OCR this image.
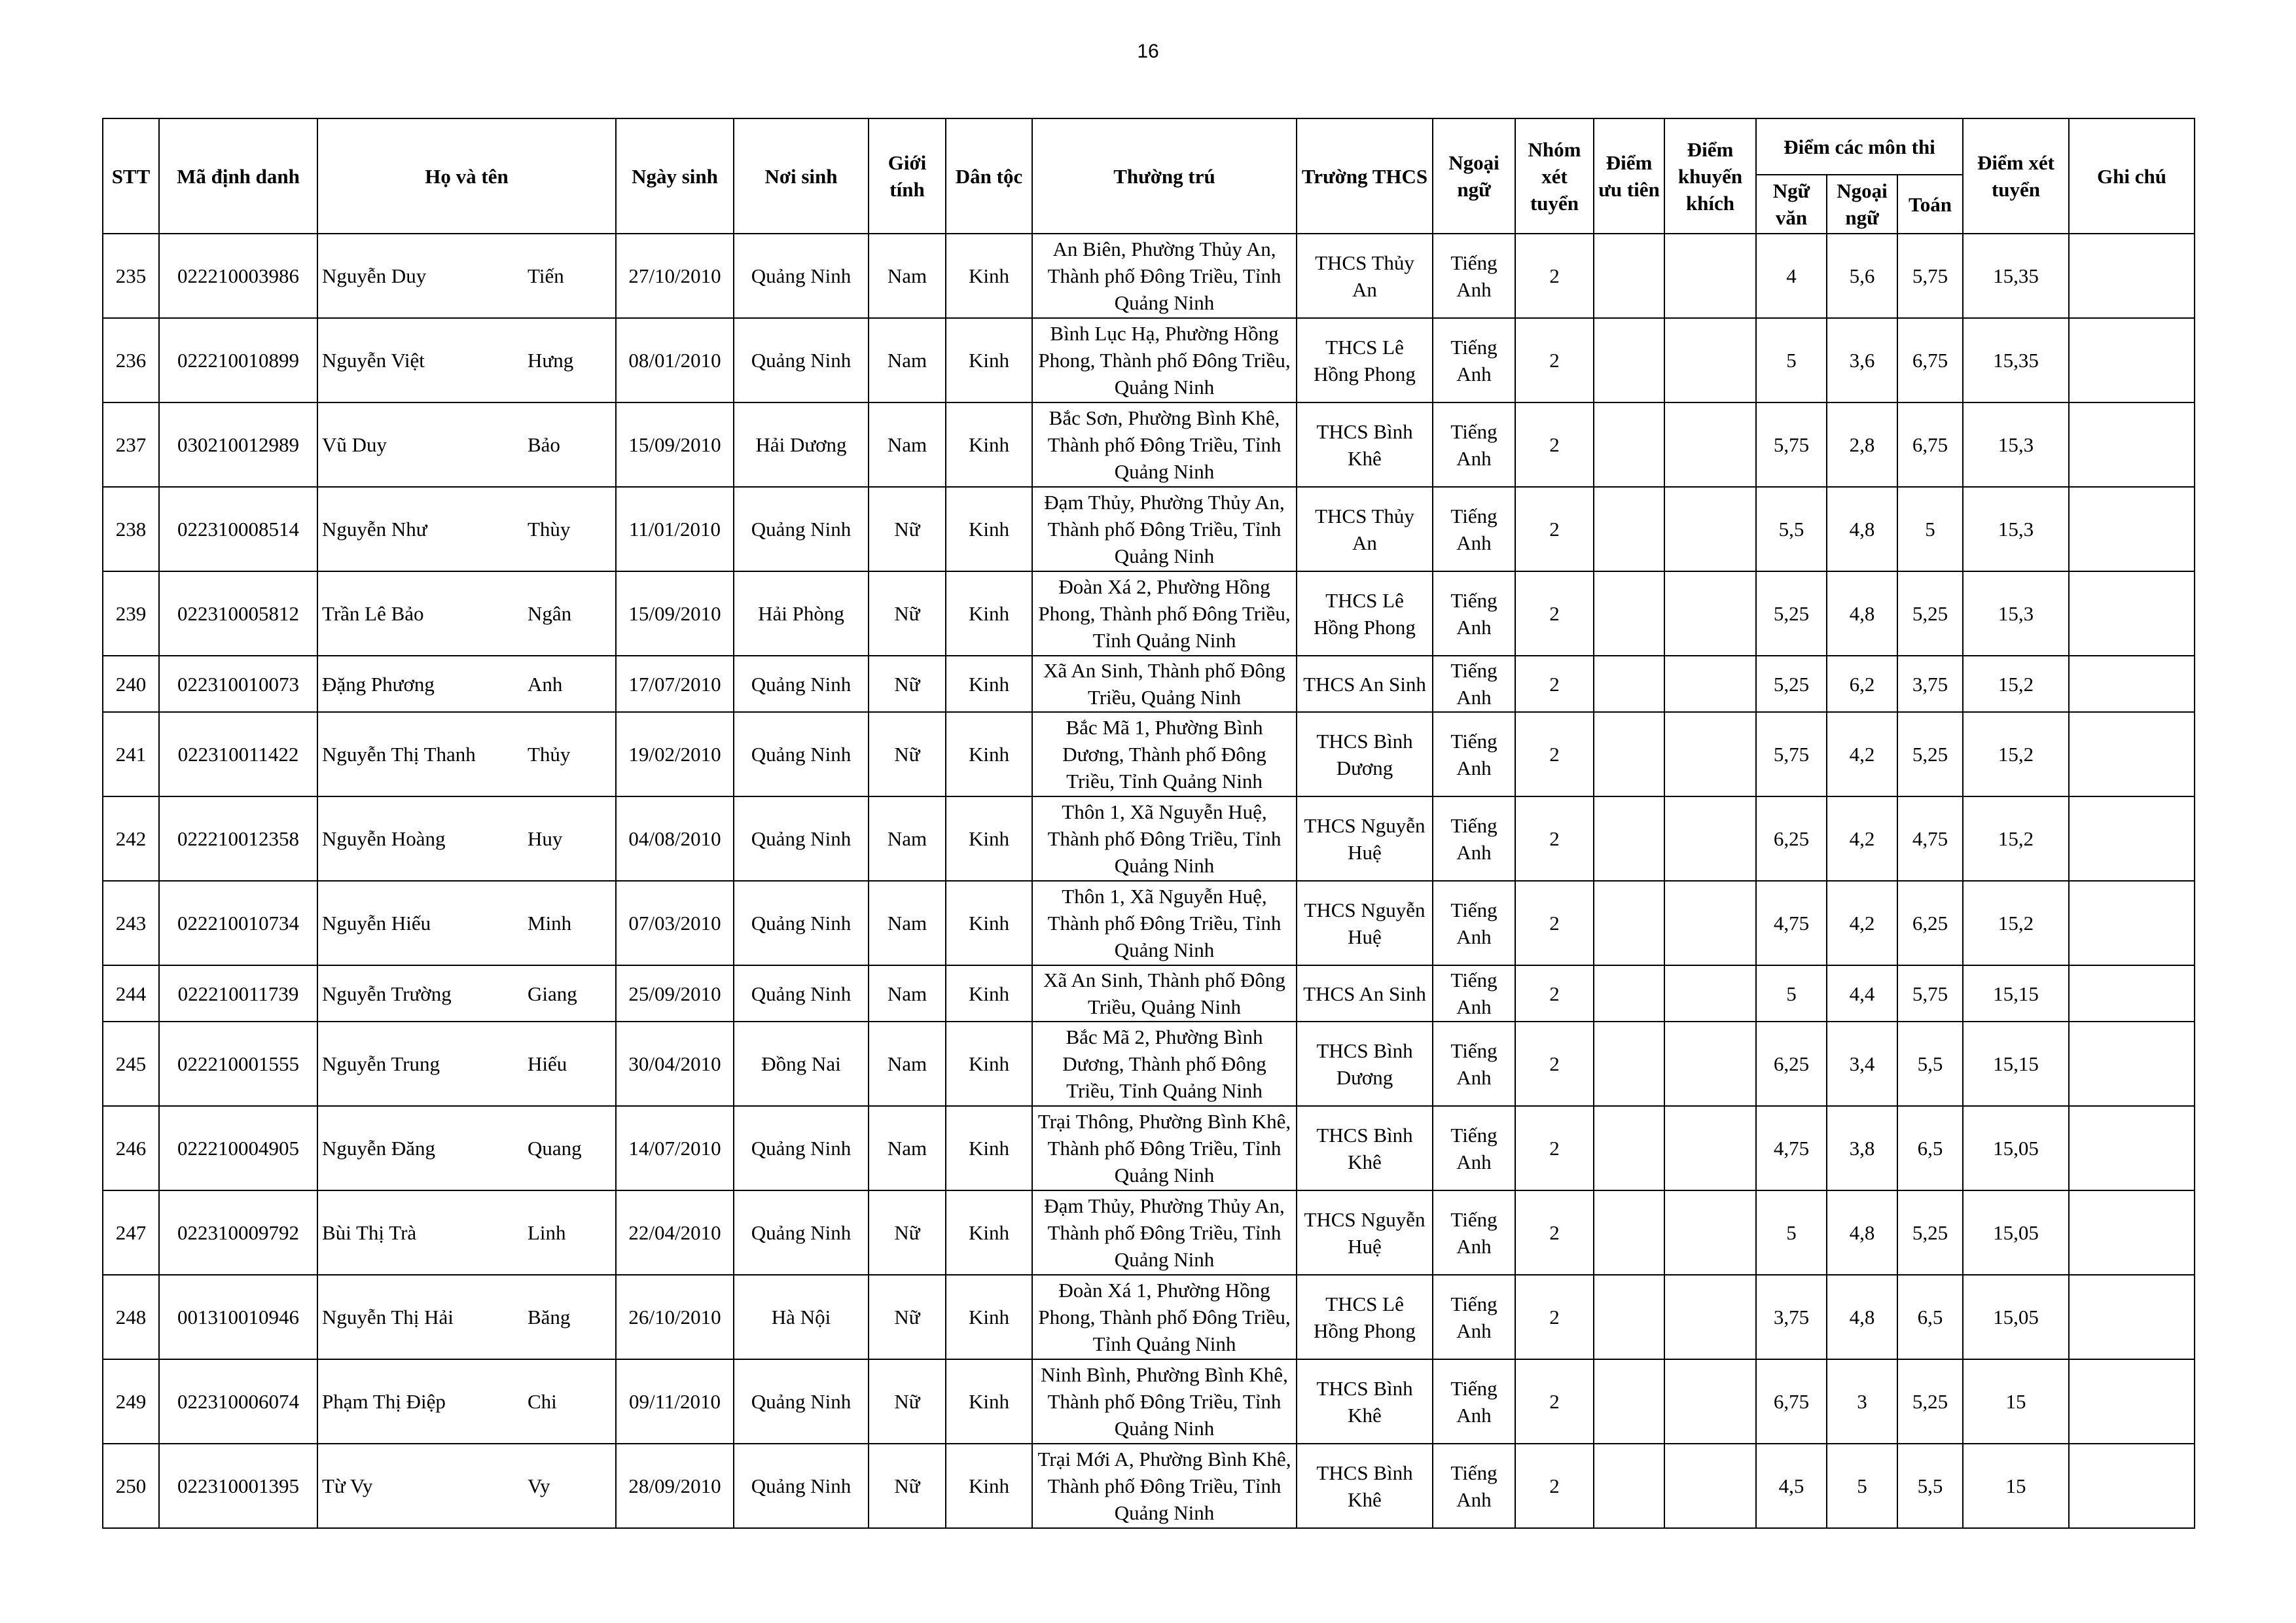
16
STT	Mã định danh	Họ và tên	Ngày sinh	Nơi sinh	Giới tính	Dân tộc	Thường trú	Trường THCS	Ngoại ngữ	Nhóm xét tuyển	Điểm ưu tiên	Điểm khuyến khích	Điểm các môn thi			Điểm xét tuyển	Ghi chú
													Ngữ văn	Ngoại ngữ	Toán		
235	022210003986	Nguyễn Duy Tiến	27/10/2010	Quảng Ninh	Nam	Kinh	An Biên, Phường Thủy An, Thành phố Đông Triều, Tỉnh Quảng Ninh	THCS Thủy An	Tiếng Anh	2			4	5,6	5,75	15,35	
236	022210010899	Nguyễn Việt Hưng	08/01/2010	Quảng Ninh	Nam	Kinh	Bình Lục Hạ, Phường Hồng Phong, Thành phố Đông Triều, Quảng Ninh	THCS Lê Hồng Phong	Tiếng Anh	2			5	3,6	6,75	15,35	
237	030210012989	Vũ Duy Bảo	15/09/2010	Hải Dương	Nam	Kinh	Bắc Sơn, Phường Bình Khê, Thành phố Đông Triều, Tỉnh Quảng Ninh	THCS Bình Khê	Tiếng Anh	2			5,75	2,8	6,75	15,3	
238	022310008514	Nguyễn Như Thùy	11/01/2010	Quảng Ninh	Nữ	Kinh	Đạm Thủy, Phường Thủy An, Thành phố Đông Triều, Tỉnh Quảng Ninh	THCS Thủy An	Tiếng Anh	2			5,5	4,8	5	15,3	
239	022310005812	Trần Lê Bảo Ngân	15/09/2010	Hải Phòng	Nữ	Kinh	Đoàn Xá 2, Phường Hồng Phong, Thành phố Đông Triều, Tỉnh Quảng Ninh	THCS Lê Hồng Phong	Tiếng Anh	2			5,25	4,8	5,25	15,3	
240	022310010073	Đặng Phương Anh	17/07/2010	Quảng Ninh	Nữ	Kinh	Xã An Sinh, Thành phố Đông Triều, Quảng Ninh	THCS An Sinh	Tiếng Anh	2			5,25	6,2	3,75	15,2	
241	022310011422	Nguyễn Thị Thanh Thủy	19/02/2010	Quảng Ninh	Nữ	Kinh	Bắc Mã 1, Phường Bình Dương, Thành phố Đông Triều, Tỉnh Quảng Ninh	THCS Bình Dương	Tiếng Anh	2			5,75	4,2	5,25	15,2	
242	022210012358	Nguyễn Hoàng Huy	04/08/2010	Quảng Ninh	Nam	Kinh	Thôn 1, Xã Nguyễn Huệ, Thành phố Đông Triều, Tỉnh Quảng Ninh	THCS Nguyễn Huệ	Tiếng Anh	2			6,25	4,2	4,75	15,2	
243	022210010734	Nguyễn Hiếu Minh	07/03/2010	Quảng Ninh	Nam	Kinh	Thôn 1, Xã Nguyễn Huệ, Thành phố Đông Triều, Tỉnh Quảng Ninh	THCS Nguyễn Huệ	Tiếng Anh	2			4,75	4,2	6,25	15,2	
244	022210011739	Nguyễn Trường Giang	25/09/2010	Quảng Ninh	Nam	Kinh	Xã An Sinh, Thành phố Đông Triều, Quảng Ninh	THCS An Sinh	Tiếng Anh	2			5	4,4	5,75	15,15	
245	022210001555	Nguyễn Trung Hiếu	30/04/2010	Đồng Nai	Nam	Kinh	Bắc Mã 2, Phường Bình Dương, Thành phố Đông Triều, Tỉnh Quảng Ninh	THCS Bình Dương	Tiếng Anh	2			6,25	3,4	5,5	15,15	
246	022210004905	Nguyễn Đăng Quang	14/07/2010	Quảng Ninh	Nam	Kinh	Trại Thông, Phường Bình Khê, Thành phố Đông Triều, Tỉnh Quảng Ninh	THCS Bình Khê	Tiếng Anh	2			4,75	3,8	6,5	15,05	
247	022310009792	Bùi Thị Trà Linh	22/04/2010	Quảng Ninh	Nữ	Kinh	Đạm Thủy, Phường Thủy An, Thành phố Đông Triều, Tỉnh Quảng Ninh	THCS Nguyễn Huệ	Tiếng Anh	2			5	4,8	5,25	15,05	
248	001310010946	Nguyễn Thị Hải Băng	26/10/2010	Hà Nội	Nữ	Kinh	Đoàn Xá 1, Phường Hồng Phong, Thành phố Đông Triều, Tỉnh Quảng Ninh	THCS Lê Hồng Phong	Tiếng Anh	2			3,75	4,8	6,5	15,05	
249	022310006074	Phạm Thị Điệp Chi	09/11/2010	Quảng Ninh	Nữ	Kinh	Ninh Bình, Phường Bình Khê, Thành phố Đông Triều, Tỉnh Quảng Ninh	THCS Bình Khê	Tiếng Anh	2			6,75	3	5,25	15	
250	022310001395	Từ Vy Vy	28/09/2010	Quảng Ninh	Nữ	Kinh	Trại Mới A, Phường Bình Khê, Thành phố Đông Triều, Tỉnh Quảng Ninh	THCS Bình Khê	Tiếng Anh	2			4,5	5	5,5	15	
